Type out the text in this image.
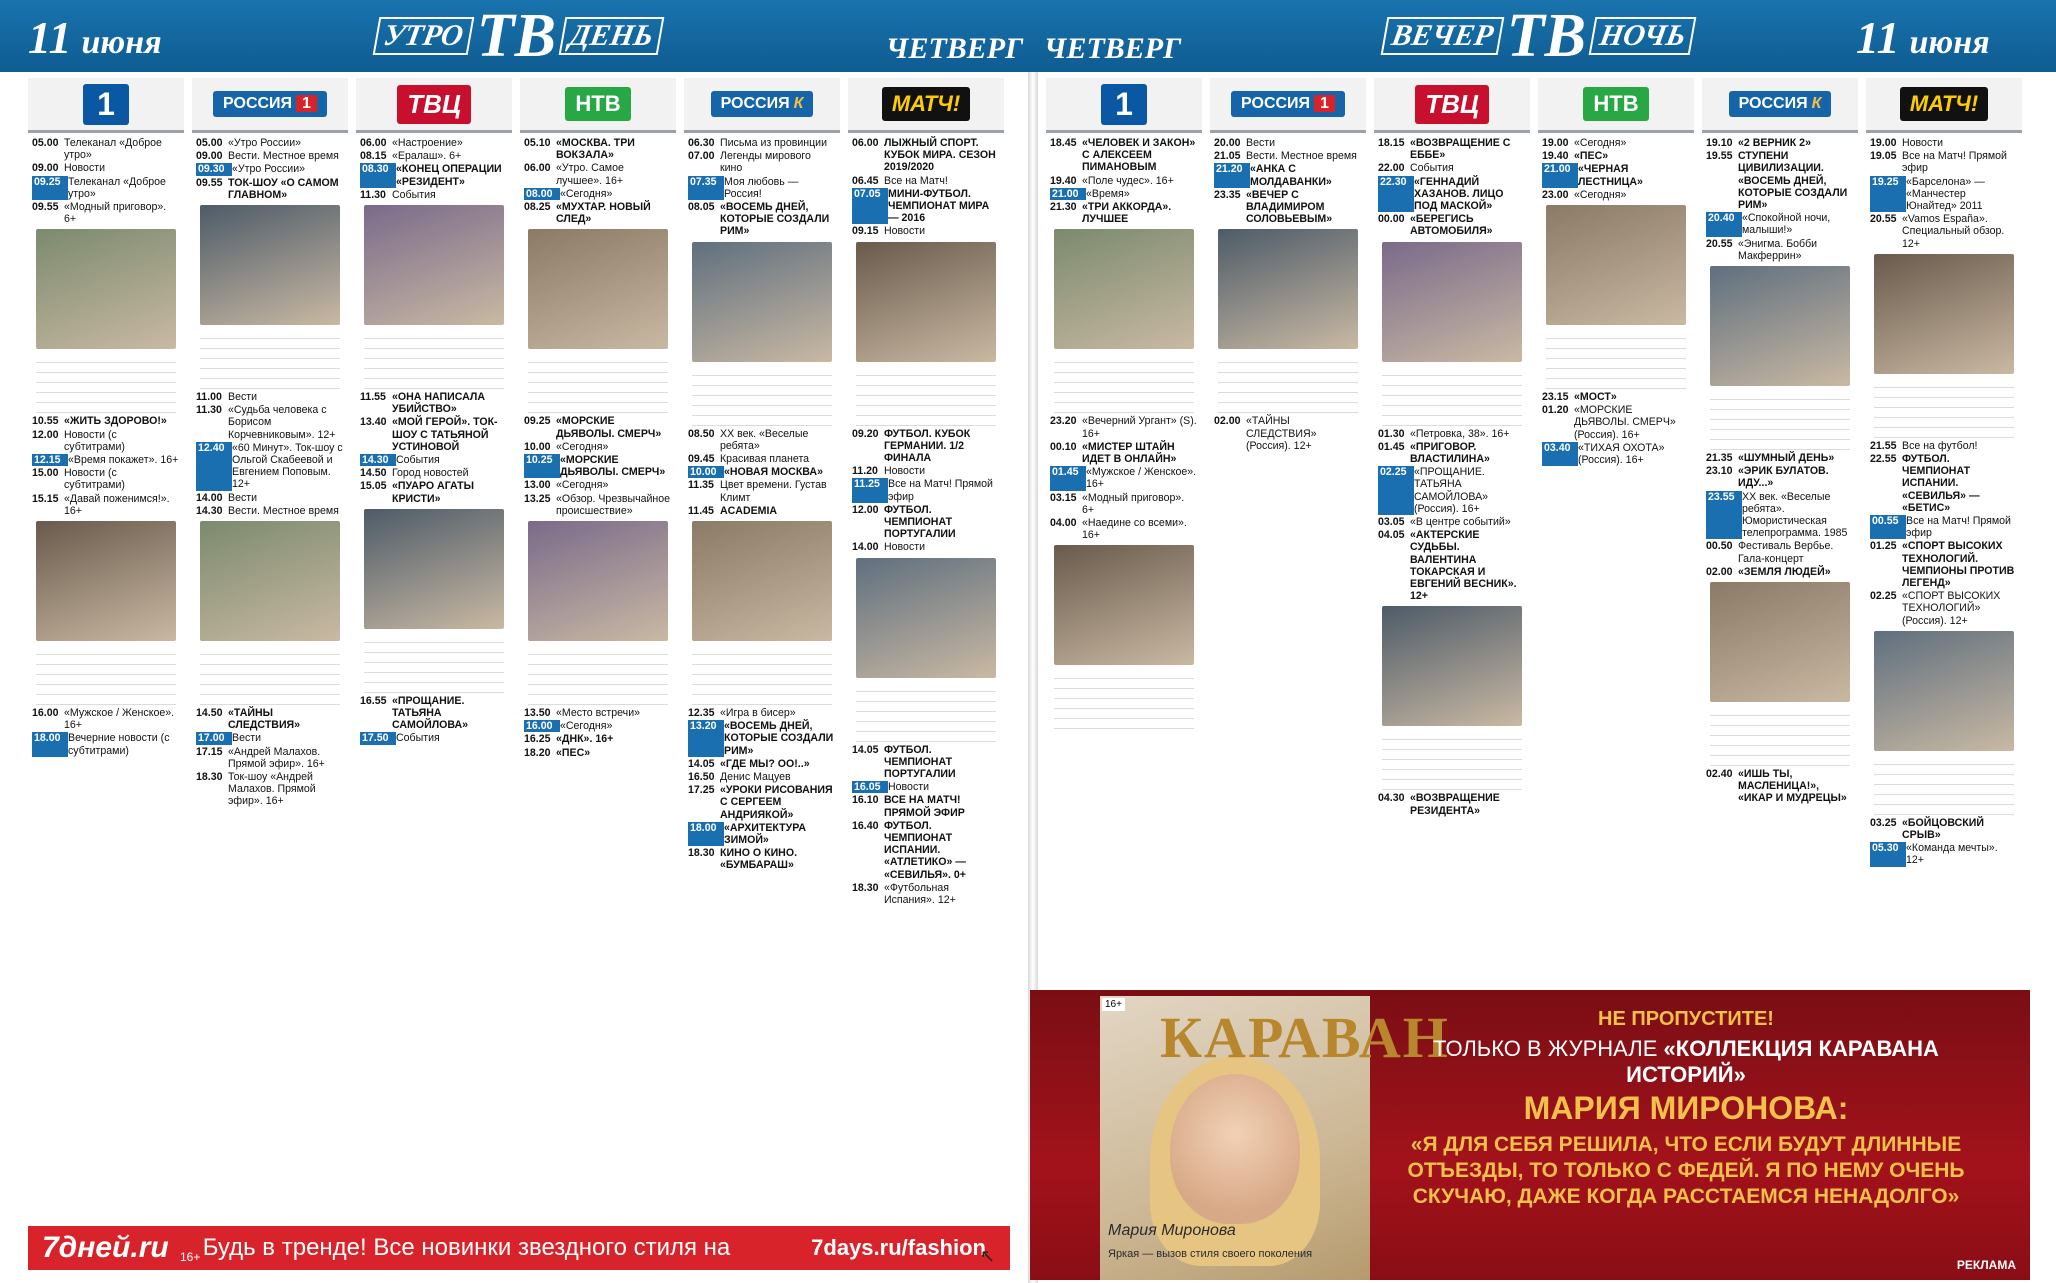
11 июня	УТРО ТВ ДЕНЬ	ЧЕТВЕРГ ЧЕТВЕРГ	ВЕЧЕР ТВ НОЧЬ	11 июня
1
05.00 Телеканал «Доброе утро»
09.00 Новости
09.25 Телеканал «Доброе утро»
09.55 «Модный приговор». 6+
10.55 «ЖИТЬ ЗДОРОВО!»
12.00 Новости (с субтитрами)
12.15 «Время покажет». 16+
15.00 Новости (с субтитрами)
15.15 «Давай поженимся!». 16+
16.00 «Мужское / Женское». 16+
18.00 Вечерние новости (с субтитрами)
РОССИЯ 1
05.00 «Утро России»
09.00 Вести. Местное время
09.30 «Утро России»
09.55 ТОК-ШОУ «О САМОМ ГЛАВНОМ»
11.00 Вести
11.30 «Судьба человека с Борисом Корчевниковым». 12+
12.40 «60 Минут». Ток-шоу с Ольгой Скабеевой и Евгением Поповым. 12+
14.00 Вести
14.30 Вести. Местное время
14.50 «ТАЙНЫ СЛЕДСТВИЯ»
17.00 Вести
17.15 «Андрей Малахов. Прямой эфир». 16+
18.30 Ток-шоу «Андрей Малахов. Прямой эфир». 16+
ТВЦ
06.00 «Настроение»
08.15 «Ералаш». 6+
08.30 «КОНЕЦ ОПЕРАЦИИ «РЕЗИДЕНТ»
11.30 События
11.55 «ОНА НАПИСАЛА УБИЙСТВО»
13.40 «МОЙ ГЕРОЙ». ТОК-ШОУ С ТАТЬЯНОЙ УСТИНОВОЙ
14.30 События
14.50 Город новостей
15.05 «ПУАРО АГАТЫ КРИСТИ»
16.55 «ПРОЩАНИЕ. ТАТЬЯНА САМОЙЛОВА»
17.50 События
НТВ
05.10 «МОСКВА. ТРИ ВОКЗАЛА»
06.00 «Утро. Самое лучшее». 16+
08.00 «Сегодня»
08.25 «МУХТАР. НОВЫЙ СЛЕД»
09.25 «МОРСКИЕ ДЬЯВОЛЫ. СМЕРЧ»
10.00 «Сегодня»
10.25 «МОРСКИЕ ДЬЯВОЛЫ. СМЕРЧ»
13.00 «Сегодня»
13.25 «Обзор. Чрезвычайное происшествие»
13.50 «Место встречи»
16.00 «Сегодня»
16.25 «ДНК». 16+
18.20 «ПЕС»
РОССИЯ К
06.30 Письма из провинции
07.00 Легенды мирового кино
07.35 Моя любовь — Россия!
08.05 «ВОСЕМЬ ДНЕЙ, КОТОРЫЕ СОЗДАЛИ РИМ»
08.50 ХХ век. «Веселые ребята»
09.45 Красивая планета
10.00 «НОВАЯ МОСКВА»
11.35 Цвет времени. Густав Климт
11.45 ACADEMIA
12.35 «Игра в бисер»
13.20 «ВОСЕМЬ ДНЕЙ, КОТОРЫЕ СОЗДАЛИ РИМ»
14.05 «ГДЕ МЫ? ОО!..»
16.50 Денис Мацуев
17.25 «УРОКИ РИСОВАНИЯ С СЕРГЕЕМ АНДРИЯКОЙ»
18.00 «АРХИТЕКТУРА ЗИМОЙ»
18.30 КИНО О КИНО. «БУМБАРАШ»
МАТЧ!
06.00 ЛЫЖНЫЙ СПОРТ. КУБОК МИРА. СЕЗОН 2019/2020
06.45 Все на Матч!
07.05 МИНИ-ФУТБОЛ. ЧЕМПИОНАТ МИРА — 2016
09.15 Новости
09.20 ФУТБОЛ. КУБОК ГЕРМАНИИ. 1/2 ФИНАЛА
11.20 Новости
11.25 Все на Матч! Прямой эфир
12.00 ФУТБОЛ. ЧЕМПИОНАТ ПОРТУГАЛИИ
14.00 Новости
14.05 ФУТБОЛ. ЧЕМПИОНАТ ПОРТУГАЛИИ
16.05 Новости
16.10 ВСЕ НА МАТЧ! ПРЯМОЙ ЭФИР
16.40 ФУТБОЛ. ЧЕМПИОНАТ ИСПАНИИ. «АТЛЕТИКО» — «СЕВИЛЬЯ». 0+
18.30 «Футбольная Испания». 12+
1
18.45 «ЧЕЛОВЕК И ЗАКОН» С АЛЕКСЕЕМ ПИМАНОВЫМ
19.40 «Поле чудес». 16+
21.00 «Время»
21.30 «ТРИ АККОРДА». ЛУЧШЕЕ
23.20 «Вечерний Ургант» (S). 16+
00.10 «МИСТЕР ШТАЙН ИДЕТ В ОНЛАЙН»
01.45 «Мужское / Женское». 16+
03.15 «Модный приговор». 6+
04.00 «Наедине со всеми». 16+
РОССИЯ 1
20.00 Вести
21.05 Вести. Местное время
21.20 «АНКА С МОЛДАВАНКИ»
23.35 «ВЕЧЕР С ВЛАДИМИРОМ СОЛОВЬЕВЫМ»
02.00 «ТАЙНЫ СЛЕДСТВИЯ» (Россия). 12+
ТВЦ
18.15 «ВОЗВРАЩЕНИЕ С ЕББЕ»
22.00 События
22.30 «ГЕННАДИЙ ХАЗАНОВ. ЛИЦО ПОД МАСКОЙ»
00.00 «БЕРЕГИСЬ АВТОМОБИЛЯ»
01.30 «Петровка, 38». 16+
01.45 «ПРИГОВОР. ВЛАСТИЛИНА»
02.25 «ПРОЩАНИЕ. ТАТЬЯНА САМОЙЛОВА» (Россия). 16+
03.05 «В центре событий»
04.05 «АКТЕРСКИЕ СУДЬБЫ. ВАЛЕНТИНА ТОКАРСКАЯ И ЕВГЕНИЙ ВЕСНИК». 12+
04.30 «ВОЗВРАЩЕНИЕ РЕЗИДЕНТА»
НТВ
19.00 «Сегодня»
19.40 «ПЕС»
21.00 «ЧЕРНАЯ ЛЕСТНИЦА»
23.00 «Сегодня»
23.15 «МОСТ»
01.20 «МОРСКИЕ ДЬЯВОЛЫ. СМЕРЧ» (Россия). 16+
03.40 «ТИХАЯ ОХОТА» (Россия). 16+
РОССИЯ К
19.10 «2 ВЕРНИК 2»
19.55 СТУПЕНИ ЦИВИЛИЗАЦИИ. «ВОСЕМЬ ДНЕЙ, КОТОРЫЕ СОЗДАЛИ РИМ»
20.40 «Спокойной ночи, малыши!»
20.55 «Энигма. Бобби Макферрин»
21.35 «ШУМНЫЙ ДЕНЬ»
23.10 «ЭРИК БУЛАТОВ. ИДУ...»
23.55 ХХ век. «Веселые ребята». Юмористическая телепрограмма. 1985
00.50 Фестиваль Вербье. Гала-концерт
02.00 «ЗЕМЛЯ ЛЮДЕЙ»
02.40 «ИШЬ ТЫ, МАСЛЕНИЦА!», «ИКАР И МУДРЕЦЫ»
МАТЧ!
19.00 Новости
19.05 Все на Матч! Прямой эфир
19.25 «Барселона» — «Манчестер Юнайтед» 2011
20.55 «Vamos España». Специальный обзор. 12+
21.55 Все на футбол!
22.55 ФУТБОЛ. ЧЕМПИОНАТ ИСПАНИИ. «СЕВИЛЬЯ» — «БЕТИС»
00.55 Все на Матч! Прямой эфир
01.25 «СПОРТ ВЫСОКИХ ТЕХНОЛОГИЙ. ЧЕМПИОНЫ ПРОТИВ ЛЕГЕНД»
02.25 «СПОРТ ВЫСОКИХ ТЕХНОЛОГИЙ» (Россия). 12+
03.25 «БОЙЦОВСКИЙ СРЫВ»
05.30 «Команда мечты». 12+
7дней.ru	Будь в тренде! Все новинки звездного стиля на	7days.ru/fashion
16+	↖
КАРАВАН
Мария Миронова
Яркая — вызов стиля своего поколения
16+
НЕ ПРОПУСТИТЕ!
ТОЛЬКО В ЖУРНАЛЕ «КОЛЛЕКЦИЯ КАРАВАНА ИСТОРИЙ»
МАРИЯ МИРОНОВА:
«Я ДЛЯ СЕБЯ РЕШИЛА, ЧТО ЕСЛИ БУДУТ ДЛИННЫЕ ОТЪЕЗДЫ, ТО ТОЛЬКО С ФЕДЕЙ. Я ПО НЕМУ ОЧЕНЬ СКУЧАЮ, ДАЖЕ КОГДА РАССТАЕМСЯ НЕНАДОЛГО»
РЕКЛАМА
